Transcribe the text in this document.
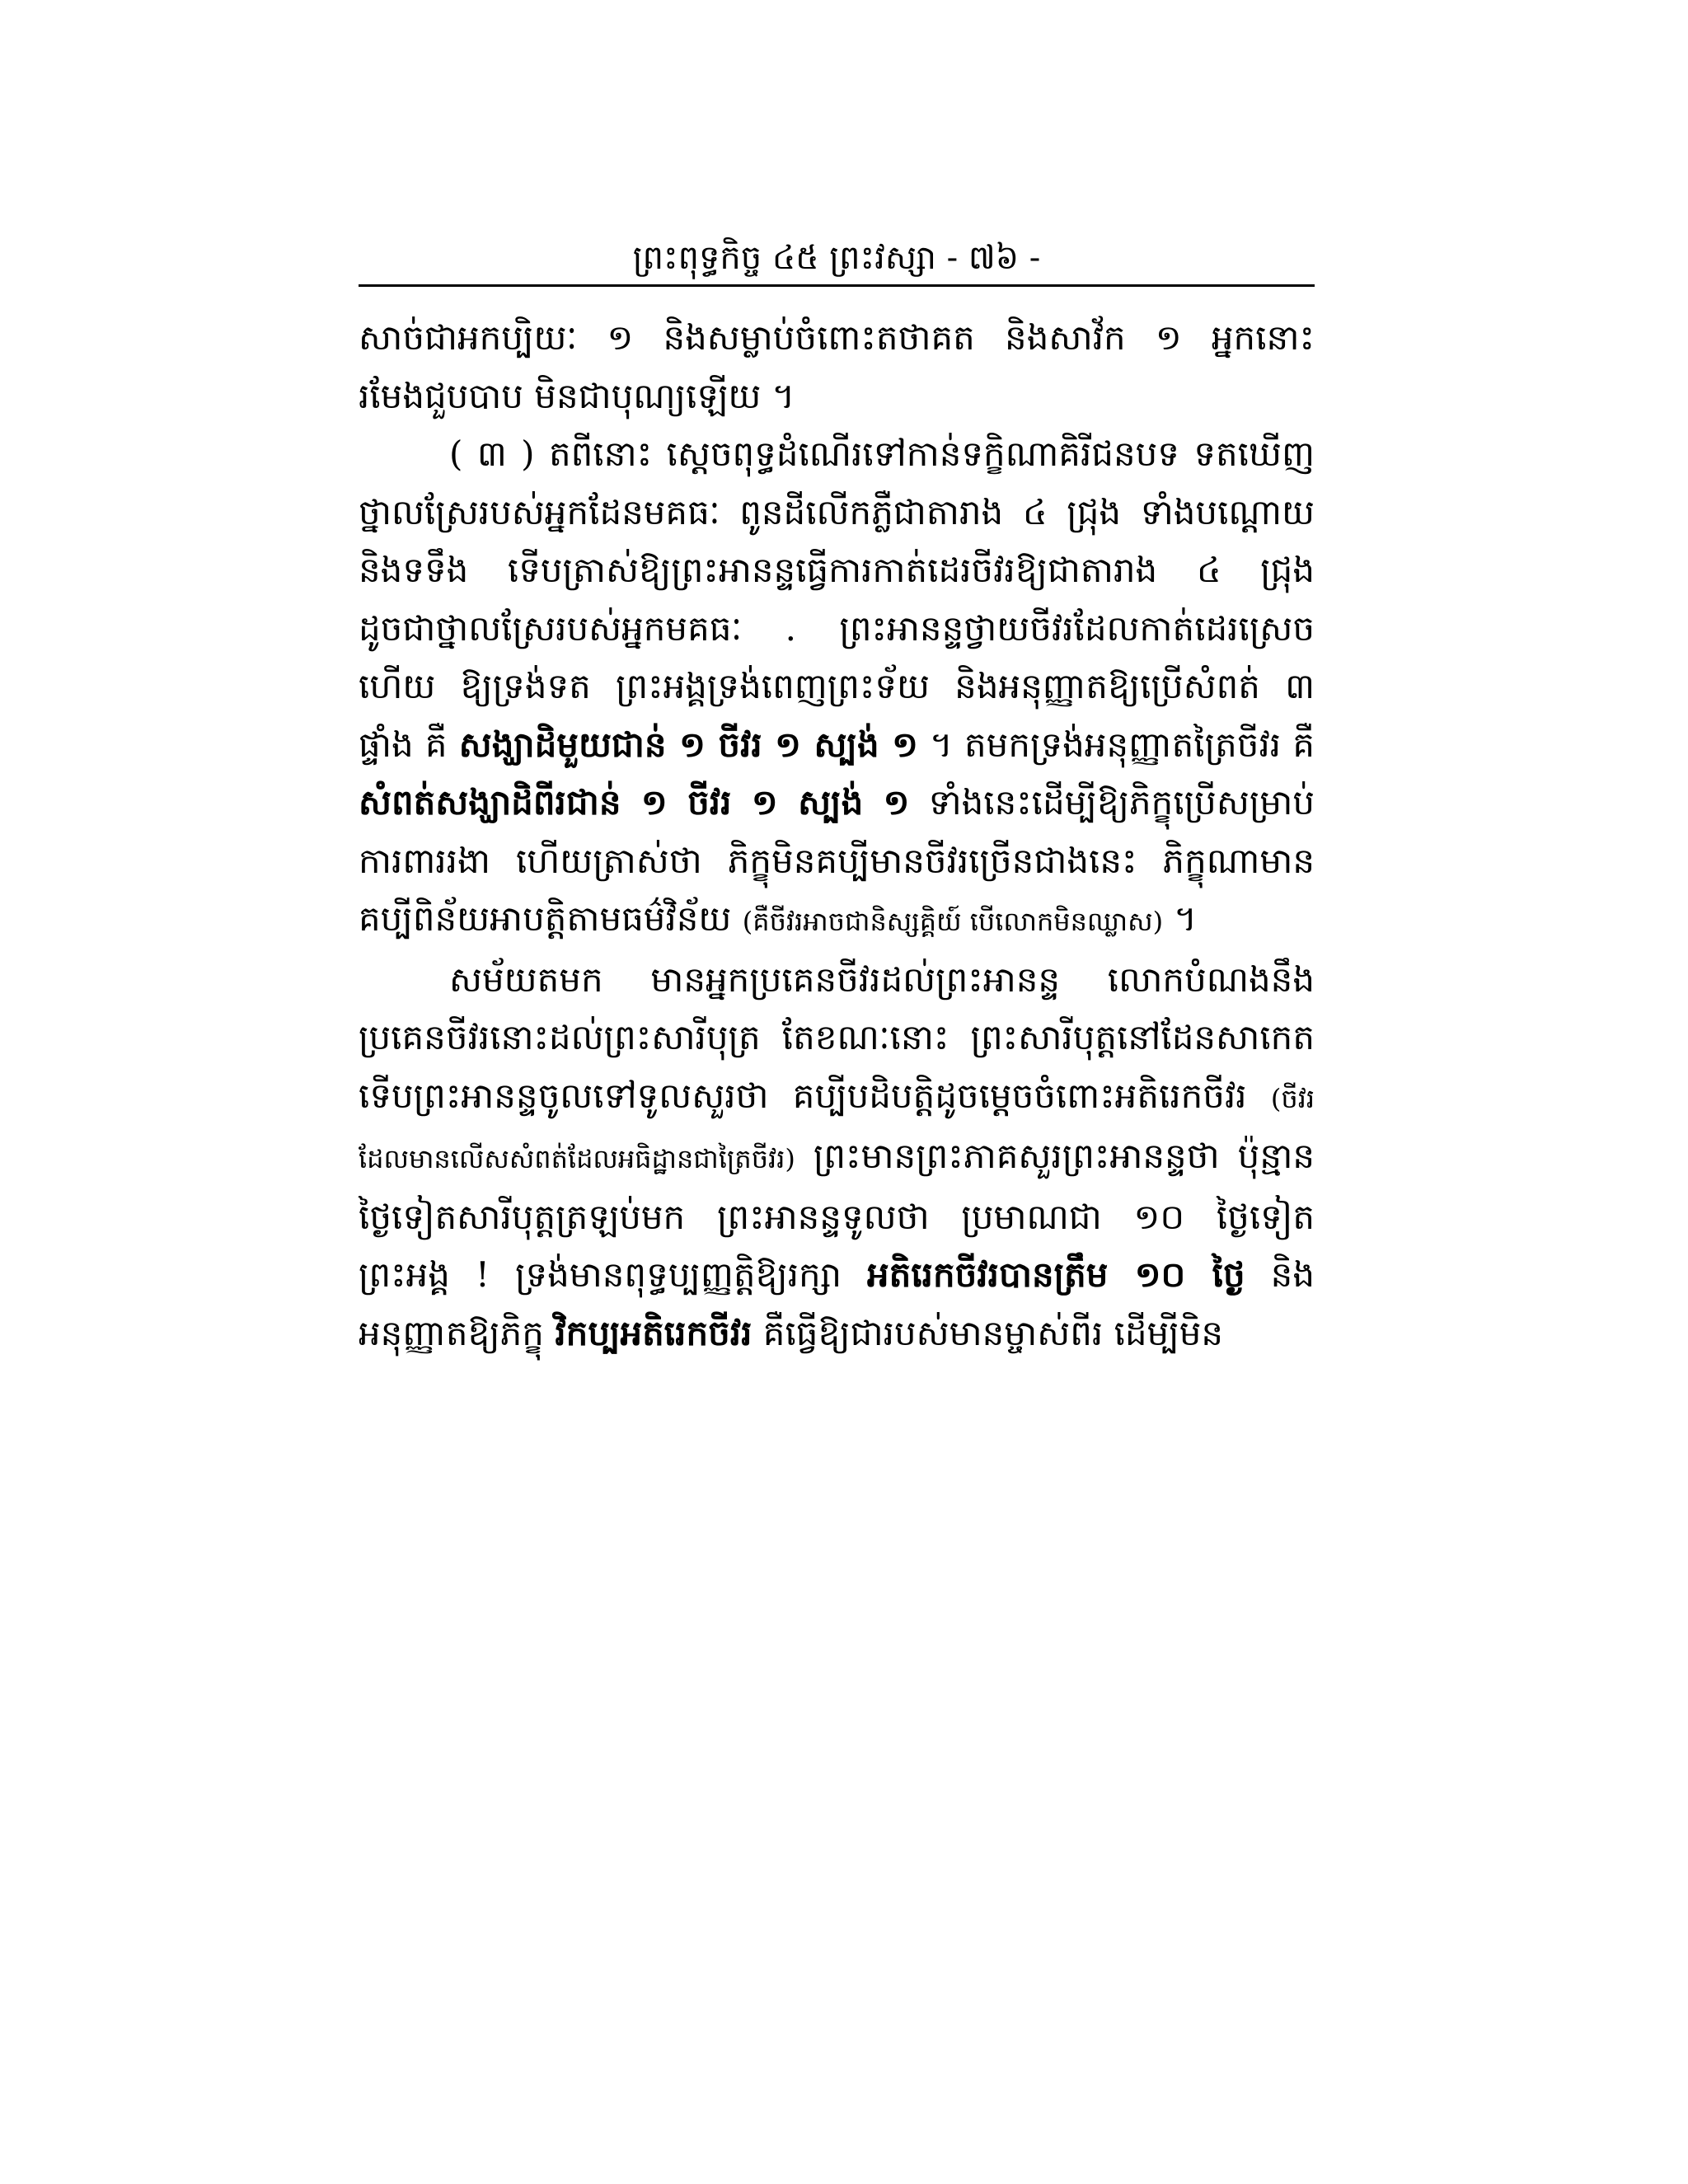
ព្រះពុទ្ធកិច្ច ៤៥ ព្រះវស្សា - ៧៦ -

សាច់ជាអកប្បិយៈ ១ និងសម្លាប់ចំពោះតថាគត និងសាវ័ក ១ អ្នកនោះរមែងជួបបាប មិនជាបុណ្យឡើយ ។

( ៣ ) តពីនោះ ស្តេចពុទ្ធដំណើរទៅកាន់ទក្ខិណាគិរីជនបទ ទតឃើញថ្នាលស្រែរបស់អ្នកដែនមគធៈ ពូនដីលើកភ្លឺជាតារាង ៤ ជ្រុង ទាំងបណ្តោយ និងទទឹង ទើបត្រាស់ឱ្យព្រះអានន្ទធ្វើការកាត់ដេរចីវរឱ្យជាតារាង ៤ ជ្រុង ដូចជាថ្នាលស្រែរបស់អ្នកមគធៈ . ព្រះអានន្ទថ្វាយចីវរដែលកាត់ដេរស្រេចហើយ ឱ្យទ្រង់ទត ព្រះអង្គទ្រង់ពេញព្រះទ័យ និងអនុញ្ញាតឱ្យប្រើសំពត់ ៣ ផ្ទាំង គឺ សង្ឃាដិមួយជាន់ ១ ចីវរ ១ ស្បង់ ១ ។ តមកទ្រង់អនុញ្ញាតត្រៃចីវរ គឺ សំពត់សង្ឃាដិពីរជាន់ ១ ចីវរ ១ ស្បង់ ១ ទាំងនេះដើម្បីឱ្យភិក្ខុប្រើសម្រាប់ការពាររងា ហើយត្រាស់ថា ភិក្ខុមិនគប្បីមានចីវរច្រើនជាងនេះ ភិក្ខុណាមានគប្បីពិន័យអាបត្តិតាមធម៌វិន័យ (គឺចីវរអាចជានិស្សគ្គិយ៍ បើលោកមិនឈ្លាស) ។

សម័យតមក មានអ្នកប្រគេនចីវរដល់ព្រះអានន្ទ លោកបំណងនឹងប្រគេនចីវរនោះដល់ព្រះសារីបុត្រ តែខណៈនោះ ព្រះសារីបុត្តនៅដែនសាកេត ទើបព្រះអានន្ទចូលទៅទូលសួរថា គប្បីបដិបត្តិដូចម្តេចចំពោះអតិរេកចីវរ (ចីវរដែលមានលើសសំពត់ដែលអធិដ្ឋានជាត្រៃចីវរ) ព្រះមានព្រះភាគសួរព្រះអានន្ទថា ប៉ុន្មានថ្ងៃទៀតសារីបុត្តត្រឡប់មក ព្រះអានន្ទទូលថា ប្រមាណជា ១០ ថ្ងៃទៀត ព្រះអង្គ ! ទ្រង់មានពុទ្ធប្បញ្ញត្តិឱ្យរក្សា អតិរេកចីវរបានត្រឹម ១០ ថ្ងៃ និងអនុញ្ញាតឱ្យភិក្ខុ វិកប្បអតិរេកចីវរ គឺធ្វើឱ្យជារបស់មានម្ចាស់ពីរ ដើម្បីមិន
